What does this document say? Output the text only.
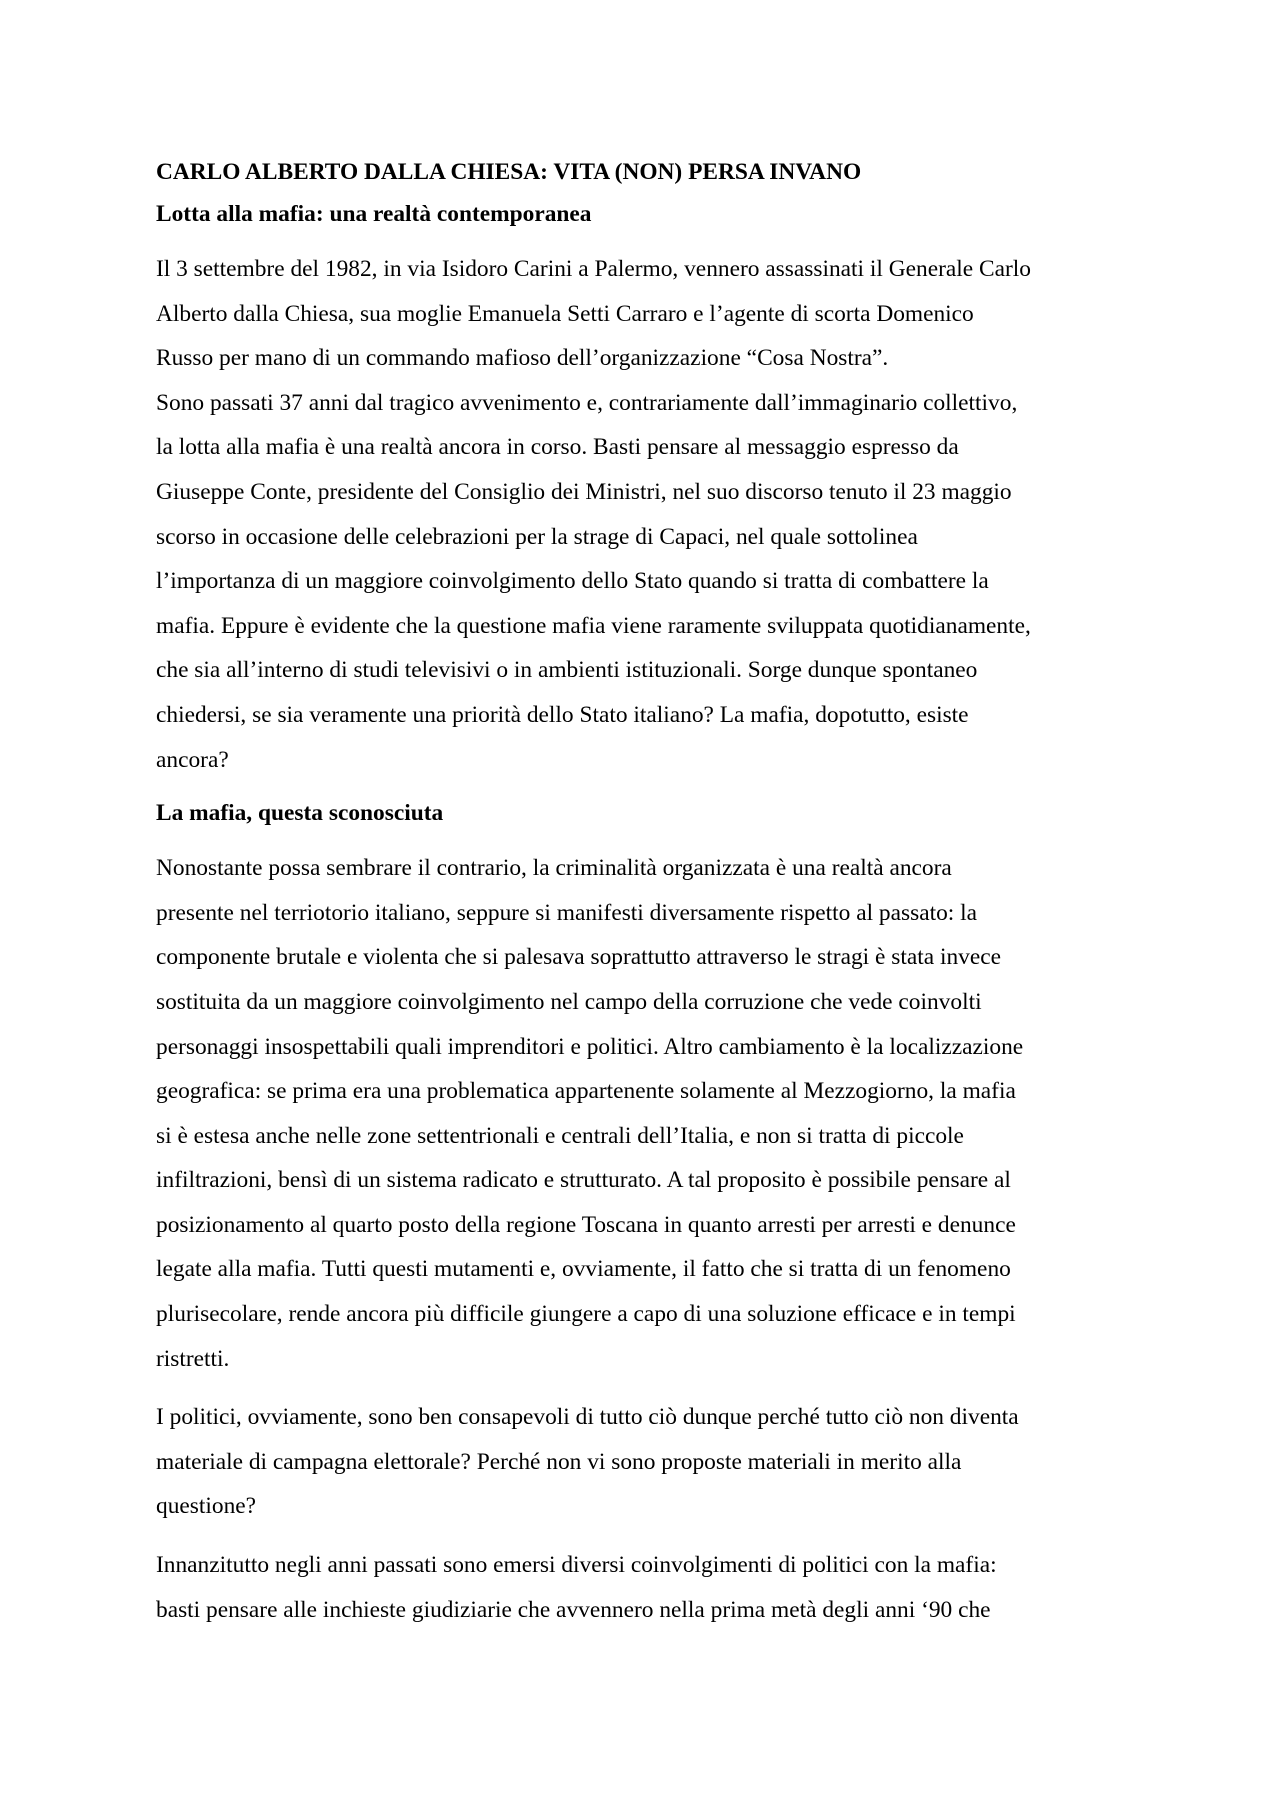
CARLO ALBERTO DALLA CHIESA: VITA (NON) PERSA INVANO
Lotta alla mafia: una realtà contemporanea
Il 3 settembre del 1982, in via Isidoro Carini a Palermo, vennero assassinati il Generale Carlo
Alberto dalla Chiesa, sua moglie Emanuela Setti Carraro e l’agente di scorta Domenico
Russo per mano di un commando mafioso dell’organizzazione “Cosa Nostra”.
Sono passati 37 anni dal tragico avvenimento e, contrariamente dall’immaginario collettivo,
la lotta alla mafia è una realtà ancora in corso. Basti pensare al messaggio espresso da
Giuseppe Conte, presidente del Consiglio dei Ministri, nel suo discorso tenuto il 23 maggio
scorso in occasione delle celebrazioni per la strage di Capaci, nel quale sottolinea
l’importanza di un maggiore coinvolgimento dello Stato quando si tratta di combattere la
mafia. Eppure è evidente che la questione mafia viene raramente sviluppata quotidianamente,
che sia all’interno di studi televisivi o in ambienti istituzionali. Sorge dunque spontaneo
chiedersi, se sia veramente una priorità dello Stato italiano? La mafia, dopotutto, esiste
ancora?
La mafia, questa sconosciuta
Nonostante possa sembrare il contrario, la criminalità organizzata è una realtà ancora
presente nel terriotorio italiano, seppure si manifesti diversamente rispetto al passato: la
componente brutale e violenta che si palesava soprattutto attraverso le stragi è stata invece
sostituita da un maggiore coinvolgimento nel campo della corruzione che vede coinvolti
personaggi insospettabili quali imprenditori e politici. Altro cambiamento è la localizzazione
geografica: se prima era una problematica appartenente solamente al Mezzogiorno, la mafia
si è estesa anche nelle zone settentrionali e centrali dell’Italia, e non si tratta di piccole
infiltrazioni, bensì di un sistema radicato e strutturato. A tal proposito è possibile pensare al
posizionamento al quarto posto della regione Toscana in quanto arresti per arresti e denunce
legate alla mafia. Tutti questi mutamenti e, ovviamente, il fatto che si tratta di un fenomeno
plurisecolare, rende ancora più difficile giungere a capo di una soluzione efficace e in tempi
ristretti.
I politici, ovviamente, sono ben consapevoli di tutto ciò dunque perché tutto ciò non diventa
materiale di campagna elettorale? Perché non vi sono proposte materiali in merito alla
questione?
Innanzitutto negli anni passati sono emersi diversi coinvolgimenti di politici con la mafia:
basti pensare alle inchieste giudiziarie che avvennero nella prima metà degli anni ‘90 che
